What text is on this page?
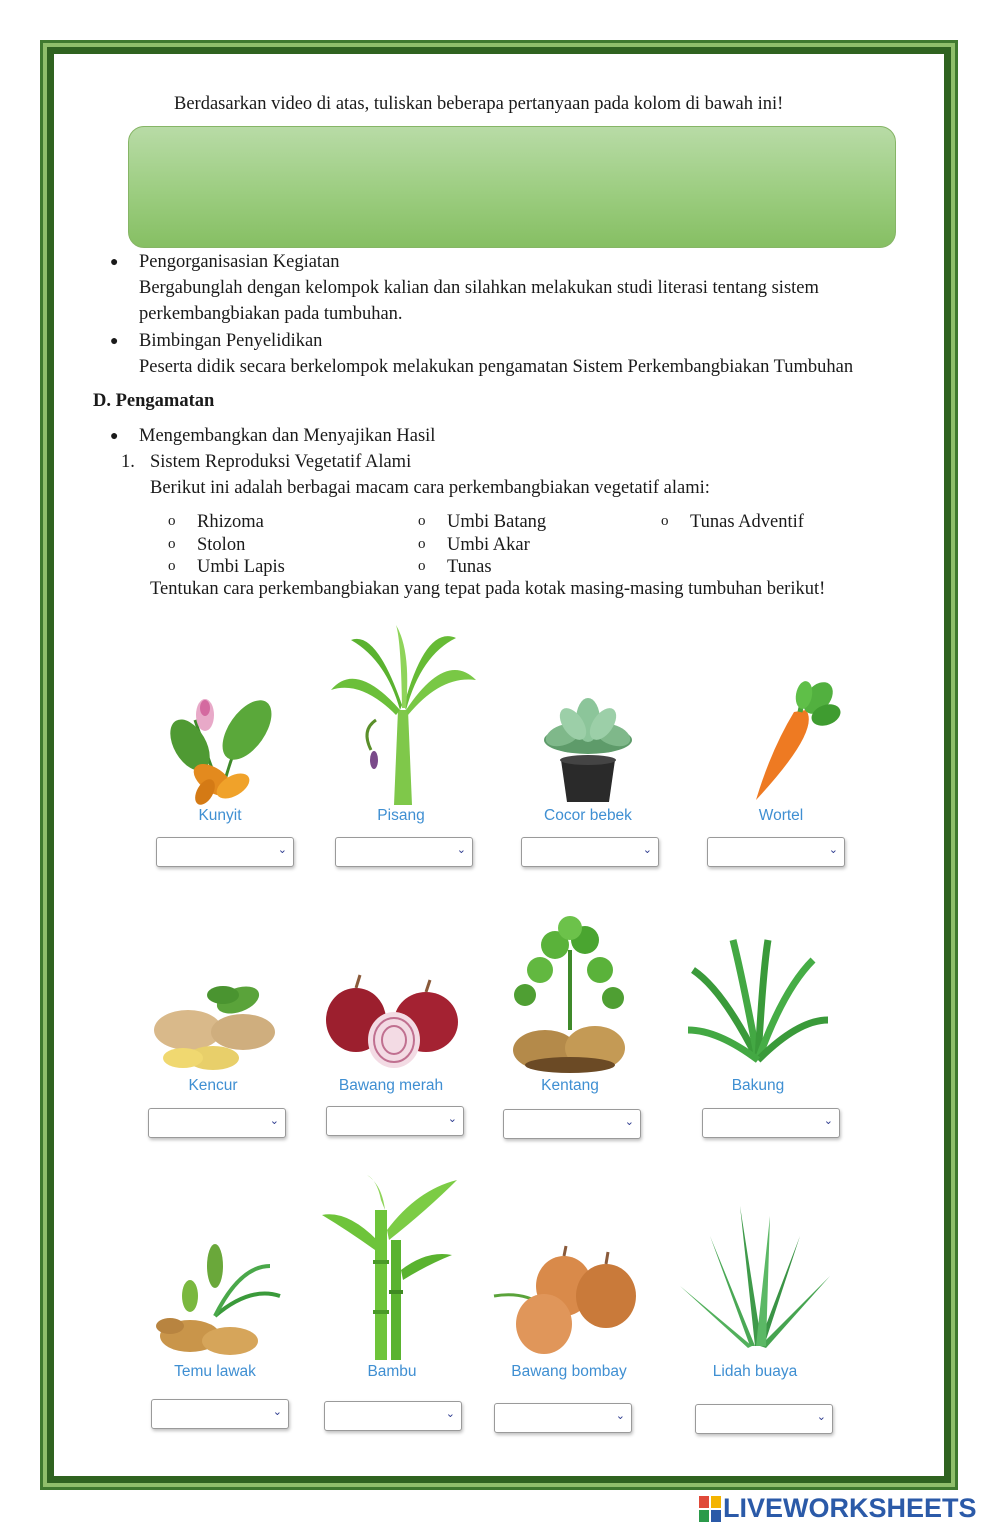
Berdasarkan video di atas, tuliskan beberapa pertanyaan pada kolom di bawah ini!
● Pengorganisasian Kegiatan
Bergabunglah dengan kelompok kalian dan silahkan melakukan studi literasi tentang sistem
perkembangbiakan pada tumbuhan.
● Bimbingan Penyelidikan
Peserta didik secara berkelompok melakukan pengamatan Sistem Perkembangbiakan Tumbuhan
D. Pengamatan
● Mengembangkan dan Menyajikan Hasil
1. Sistem Reproduksi Vegetatif Alami
Berikut ini adalah berbagai macam cara perkembangbiakan vegetatif alami:
o Rhizoma
o Stolon
o Umbi Lapis
o Umbi Batang
o Umbi Akar
o Tunas
o Tunas Adventif
Tentukan cara perkembangbiakan yang tepat pada kotak masing-masing tumbuhan berikut!
Kunyit	Pisang	Cocor bebek	Wortel
⌄	⌄	⌄	⌄
Kencur	Bawang merah	Kentang	Bakung
⌄	⌄	⌄	⌄
Temu lawak	Bambu	Bawang bombay	Lidah buaya
⌄	⌄	⌄	⌄
LIVEWORKSHEETS
